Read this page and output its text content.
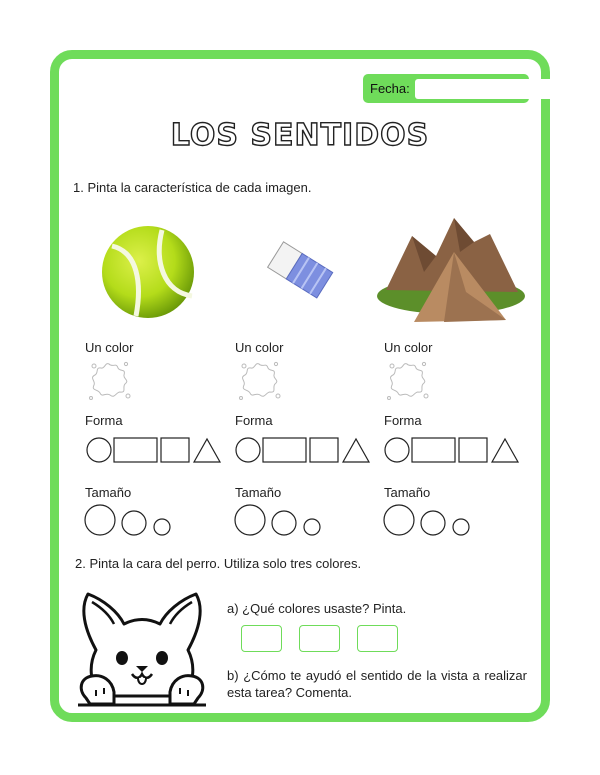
Fecha:
LOS SENTIDOS
1. Pinta la característica de cada imagen.
Un color	Un color	Un color
Forma	Forma	Forma
Tamaño	Tamaño	Tamaño
2. Pinta la cara del perro. Utiliza solo tres colores.
a) ¿Qué colores usaste? Pinta.
b) ¿Cómo te ayudó el sentido de la vista a realizar esta tarea? Comenta.
